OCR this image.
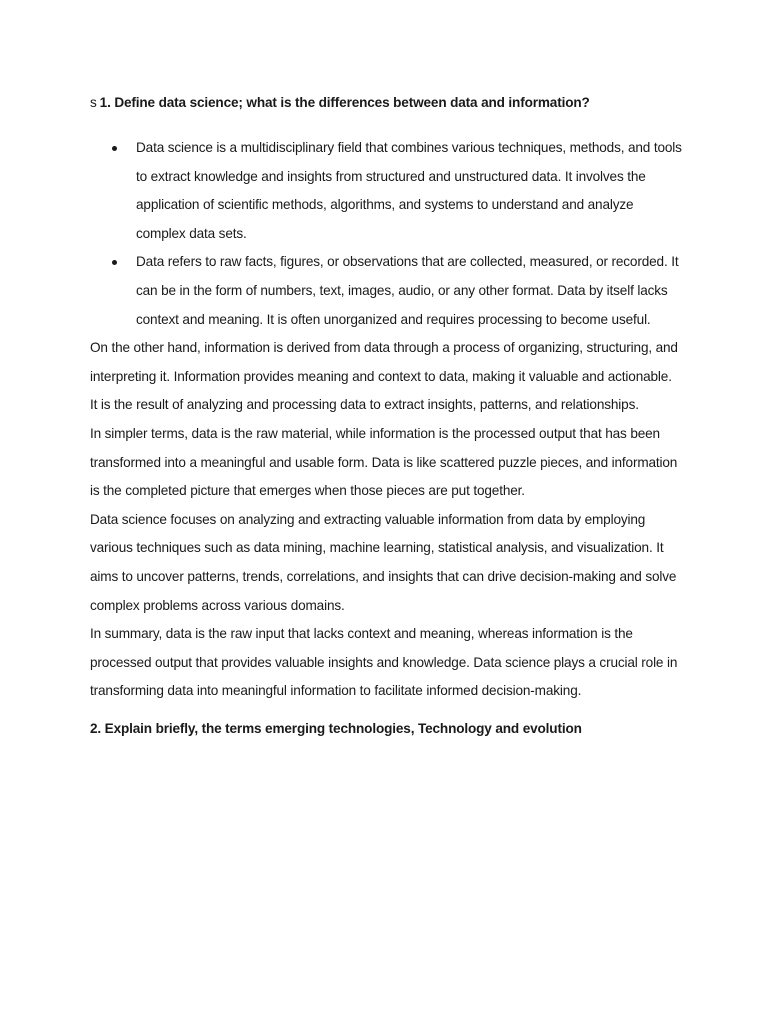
s 1. Define data science; what is the differences between data and information?
Data science is a multidisciplinary field that combines various techniques, methods, and tools to extract knowledge and insights from structured and unstructured data. It involves the application of scientific methods, algorithms, and systems to understand and analyze complex data sets.
Data refers to raw facts, figures, or observations that are collected, measured, or recorded. It can be in the form of numbers, text, images, audio, or any other format. Data by itself lacks context and meaning. It is often unorganized and requires processing to become useful.

On the other hand, information is derived from data through a process of organizing, structuring, and interpreting it. Information provides meaning and context to data, making it valuable and actionable. It is the result of analyzing and processing data to extract insights, patterns, and relationships.

In simpler terms, data is the raw material, while information is the processed output that has been transformed into a meaningful and usable form. Data is like scattered puzzle pieces, and information is the completed picture that emerges when those pieces are put together.

Data science focuses on analyzing and extracting valuable information from data by employing various techniques such as data mining, machine learning, statistical analysis, and visualization. It aims to uncover patterns, trends, correlations, and insights that can drive decision-making and solve complex problems across various domains.

In summary, data is the raw input that lacks context and meaning, whereas information is the processed output that provides valuable insights and knowledge. Data science plays a crucial role in transforming data into meaningful information to facilitate informed decision-making.

2. Explain briefly, the terms emerging technologies, Technology and evolution
